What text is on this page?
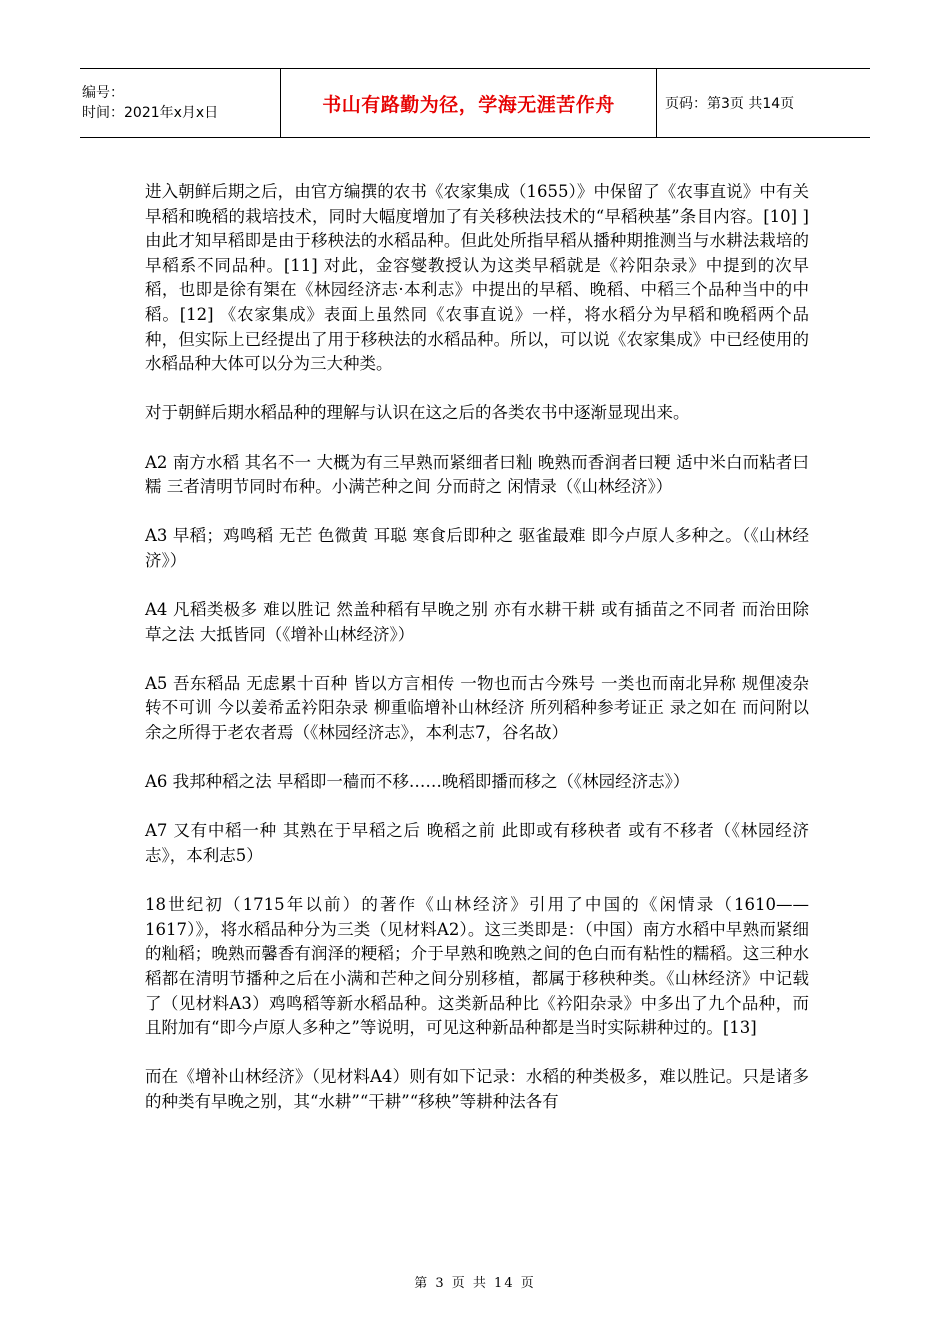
编号：
时间：2021年x月x日	书山有路勤为径，学海无涯苦作舟	页码：第3页 共14页

进入朝鲜后期之后，由官方编撰的农书《农家集成（1655）》中保留了《农事直说》中有关早稻和晚稻的栽培技术，同时大幅度增加了有关移秧法技术的“早稻秧基”条目内容。[10] ]由此才知早稻即是由于移秧法的水稻品种。但此处所指早稻从播种期推测当与水耕法栽培的早稻系不同品种。[11] 对此，金容燮教授认为这类早稻就是《衿阳杂录》中提到的次早稻，也即是徐有榘在《林园经济志·本利志》中提出的早稻、晚稻、中稻三个品种当中的中稻。[12] 《农家集成》表面上虽然同《农事直说》一样，将水稻分为早稻和晚稻两个品种，但实际上已经提出了用于移秧法的水稻品种。所以，可以说《农家集成》中已经使用的水稻品种大体可以分为三大种类。

对于朝鲜后期水稻品种的理解与认识在这之后的各类农书中逐渐显现出来。

A2 南方水稻 其名不一 大概为有三早熟而紧细者曰籼 晚熟而香润者曰粳 适中米白而粘者曰糯 三者清明节同时布种。小满芒种之间 分而莳之 闲情录（《山林经济》）

A3 早稻；鸡鸣稻 无芒 色微黄 耳聪 寒食后即种之 驱雀最难 即今卢原人多种之。（《山林经济》）

A4 凡稻类极多 难以胜记 然盖种稻有早晚之别 亦有水耕干耕 或有插苗之不同者 而治田除草之法 大抵皆同（《增补山林经济》）

A5 吾东稻品 无虑累十百种 皆以方言相传 一物也而古今殊号 一类也而南北异称 规俚凌杂 转不可训 今以姜希孟衿阳杂录 柳重临增补山林经济 所列稻种参考证正 录之如在 而问附以余之所得于老农者焉（《林园经济志》，本利志7，谷名故）

A6 我邦种稻之法 早稻即一穑而不移……晚稻即播而移之（《林园经济志》）

A7 又有中稻一种 其熟在于早稻之后 晚稻之前 此即或有移秧者 或有不移者（《林园经济志》，本利志5）

18世纪初（1715年以前）的著作《山林经济》引用了中国的《闲情录（1610——1617）》，将水稻品种分为三类（见材料A2）。这三类即是：（中国）南方水稻中早熟而紧细的籼稻；晚熟而馨香有润泽的粳稻；介于早熟和晚熟之间的色白而有粘性的糯稻。这三种水稻都在清明节播种之后在小满和芒种之间分别移植，都属于移秧种类。《山林经济》中记载了（见材料A3）鸡鸣稻等新水稻品种。这类新品种比《衿阳杂录》中多出了九个品种，而且附加有“即今卢原人多种之”等说明，可见这种新品种都是当时实际耕种过的。[13]

而在《增补山林经济》（见材料A4）则有如下记录：水稻的种类极多，难以胜记。只是诸多的种类有早晚之别，其“水耕”“干耕”“移秧”等耕种法各有

第 3 页 共 14 页
